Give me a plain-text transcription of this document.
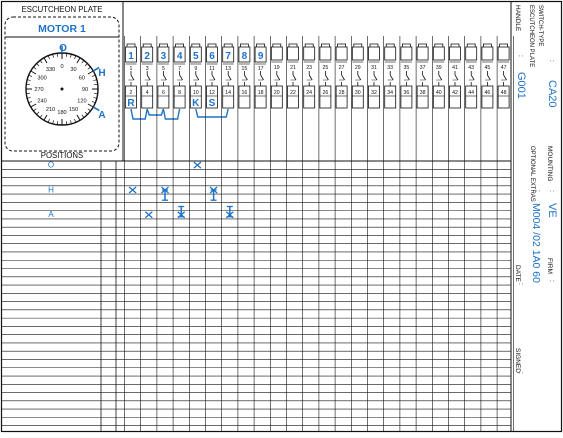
ESCUTCHEON PLATE
MOTOR 1
0
30
60
90
120
150
180
210
240
270
300
330
O
H
A
POSITIONS
1
1
2
2
3
4
3
5
6
4
7
8
5
9
10
6
11
12
7
13
14
8
15
16
9
17
18
19
20
21
22
23
24
25
26
27
28
29
30
31
32
33
34
35
36
37
38
39
40
41
42
43
44
45
46
47
48
R	K S
O
H
A
SWITCH-TYPE
ESCUTCHEON PLATE :
CA20
HANDLE
:
G001
MOUNTING
:
VE
OPTIONAL EXTRAS :
M004 /02 1A0 60 FIRM
:
DATE
:
SIGNED
:
